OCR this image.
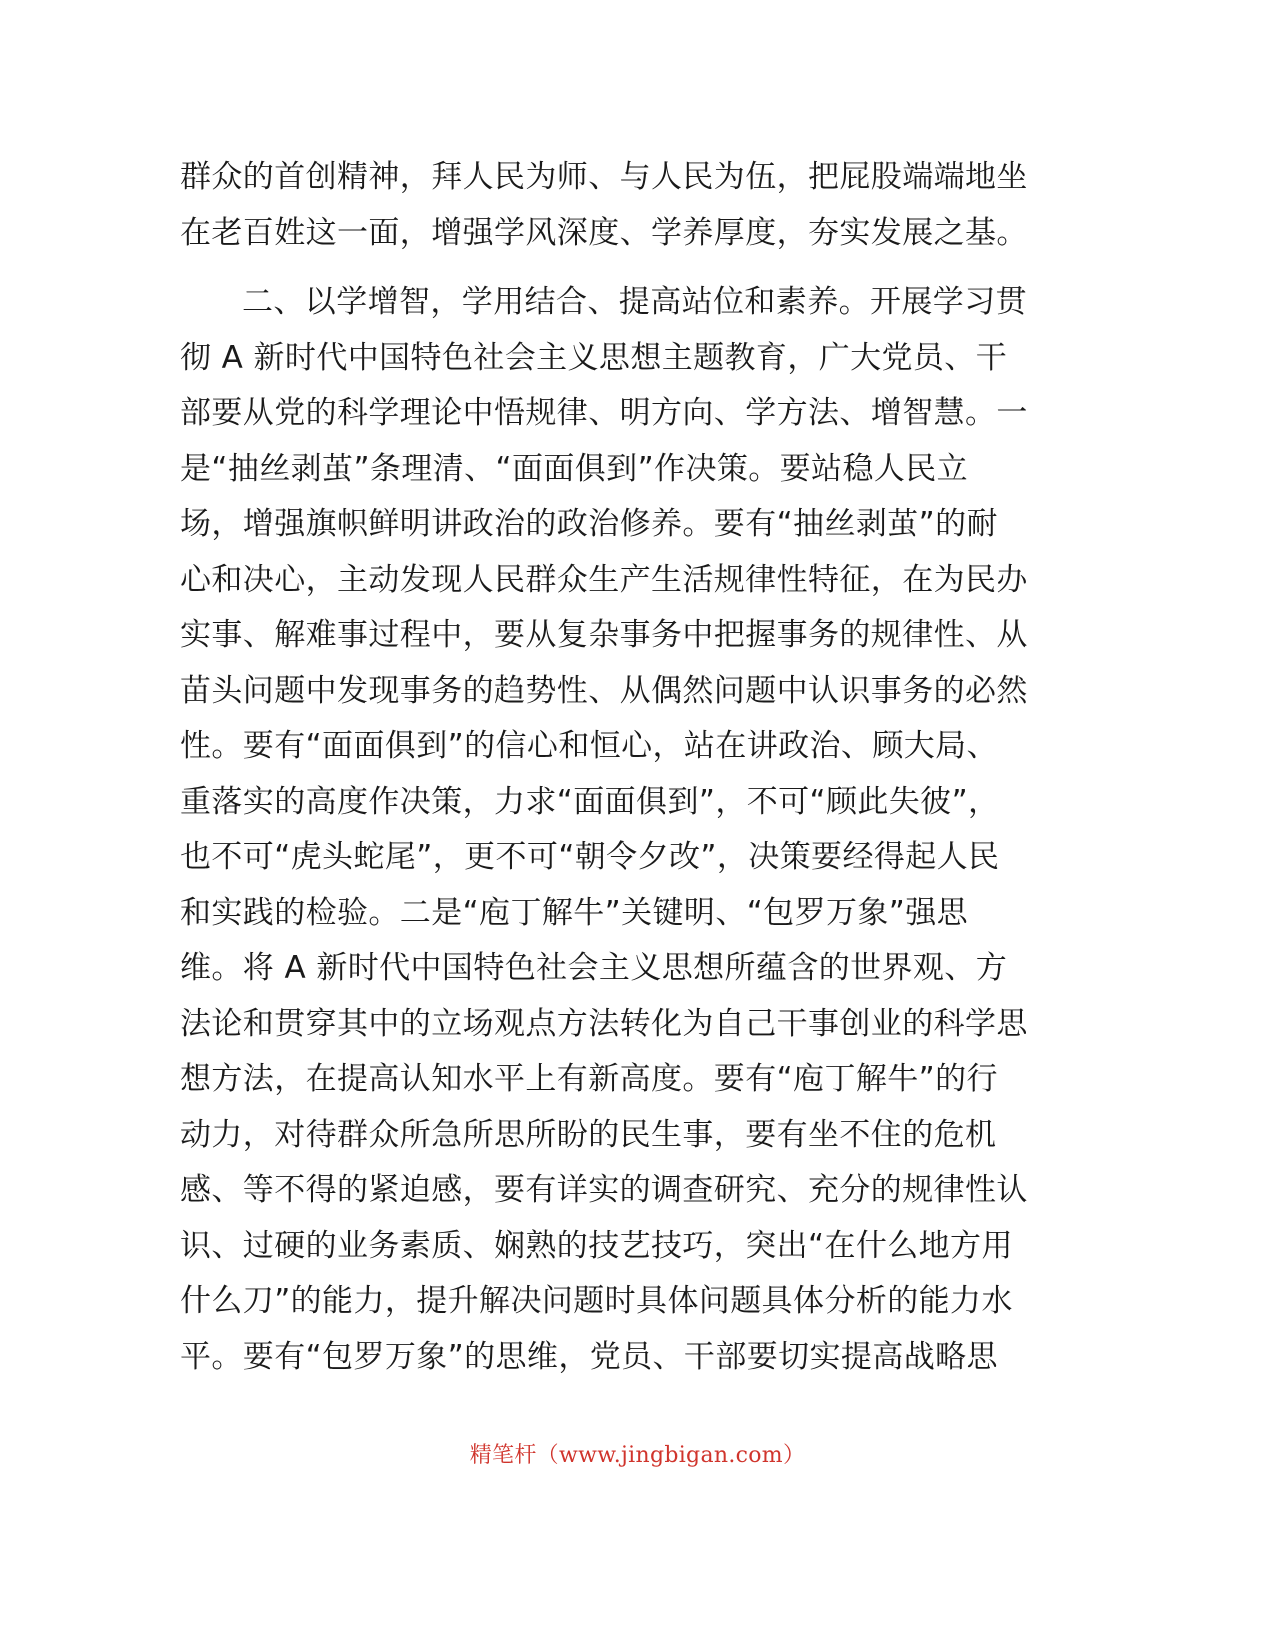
群众的首创精神，拜人民为师、与人民为伍，把屁股端端地坐
在老百姓这一面，增强学风深度、学养厚度，夯实发展之基。
二、以学增智，学用结合、提高站位和素养。开展学习贯
彻 A 新时代中国特色社会主义思想主题教育，广大党员、干
部要从党的科学理论中悟规律、明方向、学方法、增智慧。一
是“抽丝剥茧”条理清、“面面俱到”作决策。要站稳人民立
场，增强旗帜鲜明讲政治的政治修养。要有“抽丝剥茧”的耐
心和决心，主动发现人民群众生产生活规律性特征，在为民办
实事、解难事过程中，要从复杂事务中把握事务的规律性、从
苗头问题中发现事务的趋势性、从偶然问题中认识事务的必然
性。要有“面面俱到”的信心和恒心，站在讲政治、顾大局、
重落实的高度作决策，力求“面面俱到”，不可“顾此失彼”，
也不可“虎头蛇尾”，更不可“朝令夕改”，决策要经得起人民
和实践的检验。二是“庖丁解牛”关键明、“包罗万象”强思
维。将 A 新时代中国特色社会主义思想所蕴含的世界观、方
法论和贯穿其中的立场观点方法转化为自己干事创业的科学思
想方法，在提高认知水平上有新高度。要有“庖丁解牛”的行
动力，对待群众所急所思所盼的民生事，要有坐不住的危机
感、等不得的紧迫感，要有详实的调查研究、充分的规律性认
识、过硬的业务素质、娴熟的技艺技巧，突出“在什么地方用
什么刀”的能力，提升解决问题时具体问题具体分析的能力水
平。要有“包罗万象”的思维，党员、干部要切实提高战略思
精笔杆（www.jingbigan.com）
